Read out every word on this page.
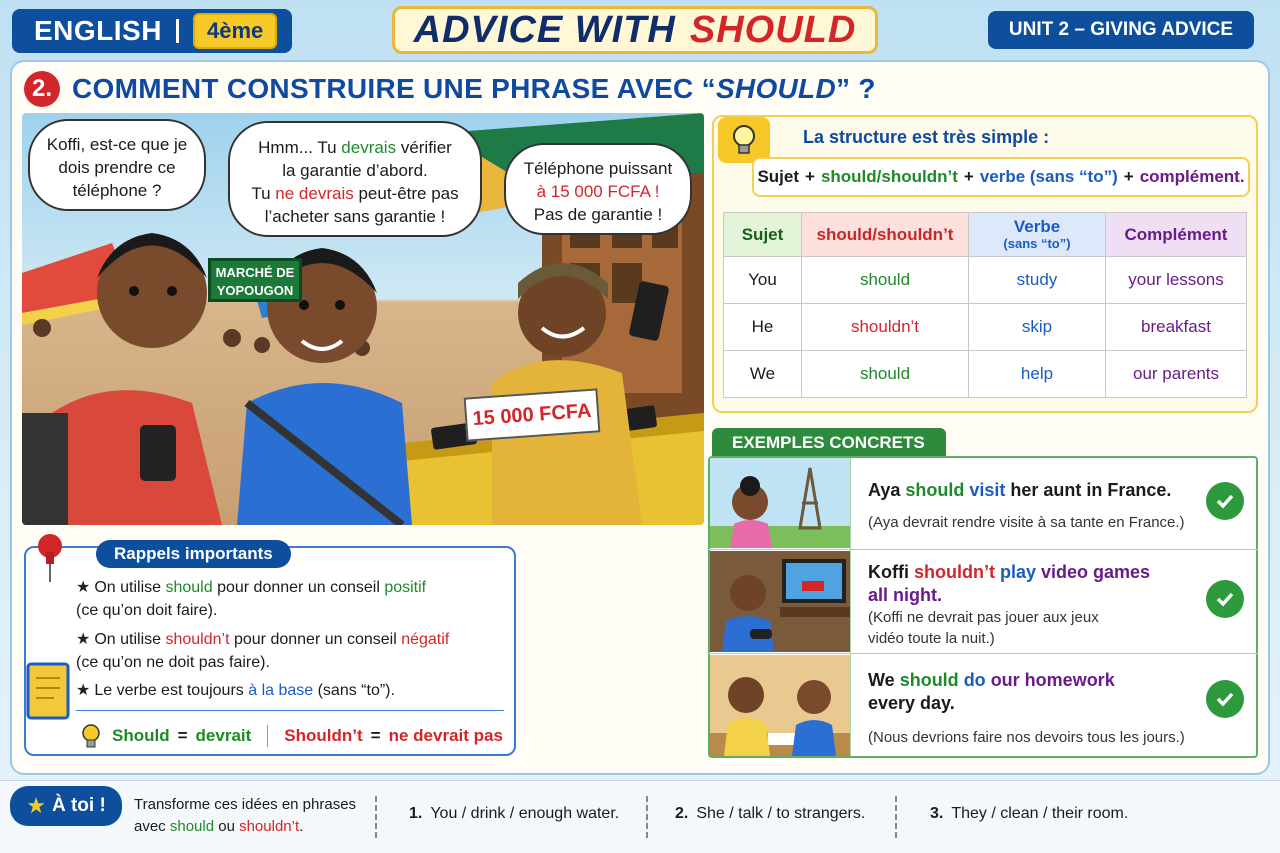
ENGLISH	4ème	ADVICE WITH SHOULD	UNIT 2 – GIVING ADVICE
2. COMMENT CONSTRUIRE UNE PHRASE AVEC “SHOULD” ?
MARCHÉ DE
YOPOUGON
15 000 FCFA
Koffi, est-ce que je dois prendre ce téléphone ?
Hmm... Tu devrais vérifier
la garantie d’abord.
Tu ne devrais peut-être pas
l’acheter sans garantie !
Téléphone puissant
à 15 000 FCFA !
Pas de garantie !
La structure est très simple :
Sujet + should/shouldn’t + verbe (sans “to”) + complément.
Sujet	should/shouldn’t	Verbe
(sans “to”)	Complément
You	should	study	your lessons
He	shouldn’t	skip	breakfast
We	should	help	our parents
EXEMPLES CONCRETS
Aya should visit her aunt in France.
(Aya devrait rendre visite à sa tante en France.)
Koffi shouldn’t play video games
all night.
(Koffi ne devrait pas jouer aux jeux
vidéo toute la nuit.)
We should do our homework
every day.
(Nous devrions faire nos devoirs tous les jours.)
Rappels importants
★ On utilise should pour donner un conseil positif
(ce qu’on doit faire).
★ On utilise shouldn’t pour donner un conseil négatif
(ce qu’on ne doit pas faire).
★ Le verbe est toujours à la base (sans “to”).
Should = devrait Shouldn’t = ne devrait pas
★ À toi ! Transforme ces idées en phrases
avec should ou shouldn’t.
1. You / drink / enough water.	2. She / talk / to strangers.	3. They / clean / their room.
